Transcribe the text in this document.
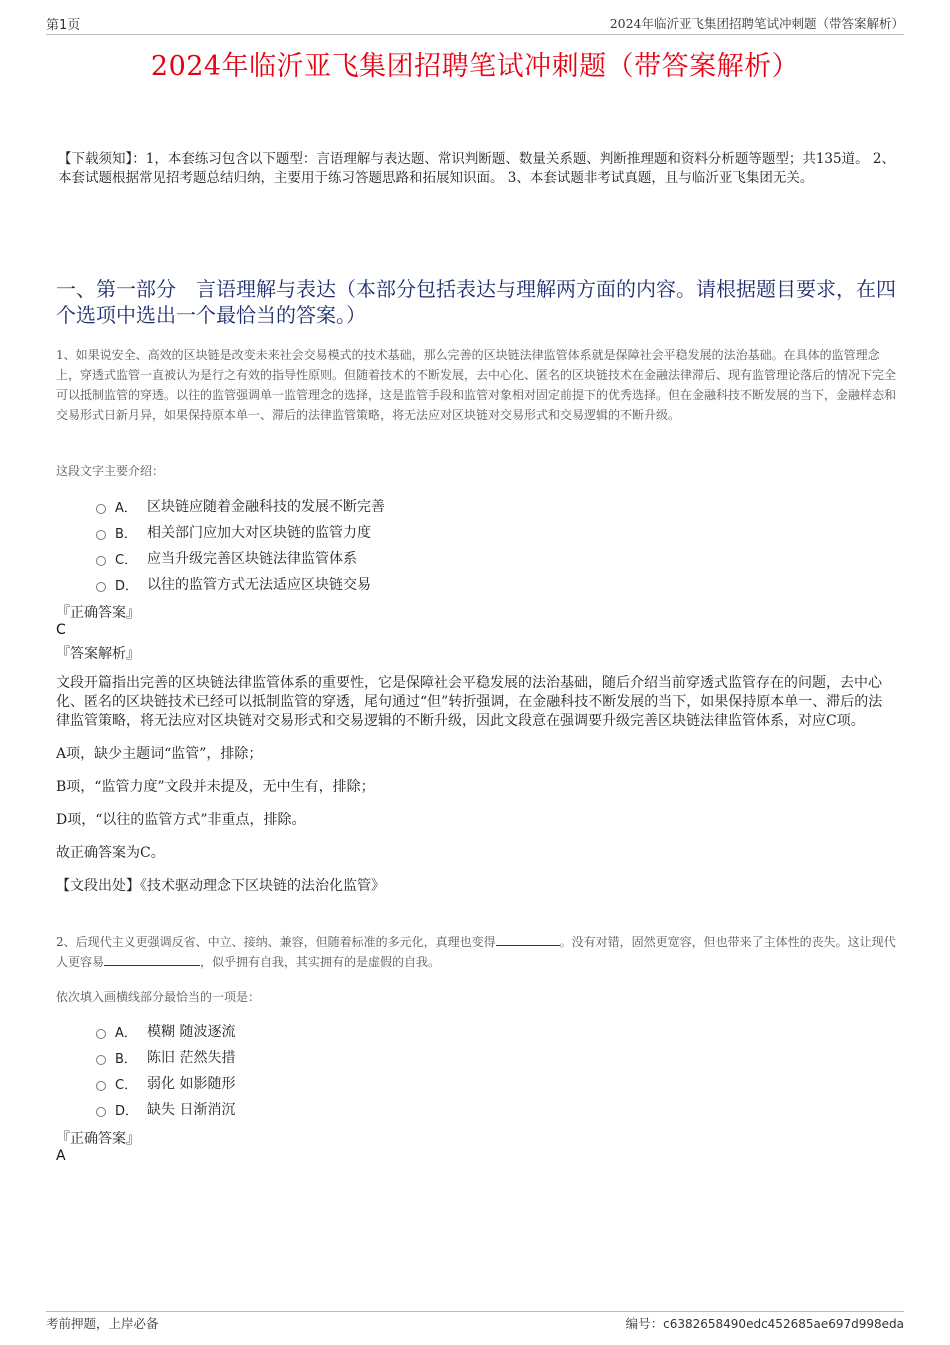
第1页	2024年临沂亚飞集团招聘笔试冲刺题（带答案解析）
2024年临沂亚飞集团招聘笔试冲刺题（带答案解析）
【下载须知】：1，本套练习包含以下题型：言语理解与表达题、常识判断题、数量关系题、判断推理题和资料分析题等题型；共135道。 2、本套试题根据常见招考题总结归纳，主要用于练习答题思路和拓展知识面。 3、本套试题非考试真题，且与临沂亚飞集团无关。
一、第一部分　言语理解与表达（本部分包括表达与理解两方面的内容。请根据题目要求，在四个选项中选出一个最恰当的答案。）
1、如果说安全、高效的区块链是改变未来社会交易模式的技术基础，那么完善的区块链法律监管体系就是保障社会平稳发展的法治基础。在具体的监管理念上，穿透式监管一直被认为是行之有效的指导性原则。但随着技术的不断发展，去中心化、匿名的区块链技术在金融法律滞后、现有监管理论落后的情况下完全可以抵制监管的穿透。以往的监管强调单一监管理念的选择，这是监管手段和监管对象相对固定前提下的优秀选择。但在金融科技不断发展的当下，金融样态和交易形式日新月异，如果保持原本单一、滞后的法律监管策略，将无法应对区块链对交易形式和交易逻辑的不断升级。
这段文字主要介绍：
A． 区块链应随着金融科技的发展不断完善
B． 相关部门应加大对区块链的监管力度
C． 应当升级完善区块链法律监管体系
D． 以往的监管方式无法适应区块链交易
『正确答案』
C
『答案解析』

文段开篇指出完善的区块链法律监管体系的重要性，它是保障社会平稳发展的法治基础，随后介绍当前穿透式监管存在的问题，去中心化、匿名的区块链技术已经可以抵制监管的穿透，尾句通过“但”转折强调，在金融科技不断发展的当下，如果保持原本单一、滞后的法律监管策略，将无法应对区块链对交易形式和交易逻辑的不断升级，因此文段意在强调要升级完善区块链法律监管体系，对应C项。

A项，缺少主题词“监管”，排除；

B项，“监管力度”文段并未提及，无中生有，排除；

D项，“以往的监管方式”非重点，排除。

故正确答案为C。

【文段出处】《技术驱动理念下区块链的法治化监管》

2、后现代主义更强调反省、中立、接纳、兼容，但随着标准的多元化，真理也变得	。没有对错，固然更宽容，但也带来了主体性的丧失。这让现代人更容易	，似乎拥有自我，其实拥有的是虚假的自我。
依次填入画横线部分最恰当的一项是：
A． 模糊 随波逐流
B． 陈旧 茫然失措
C． 弱化 如影随形
D． 缺失 日渐消沉
『正确答案』
A
考前押题，上岸必备	编号：c6382658490edc452685ae697d998eda
